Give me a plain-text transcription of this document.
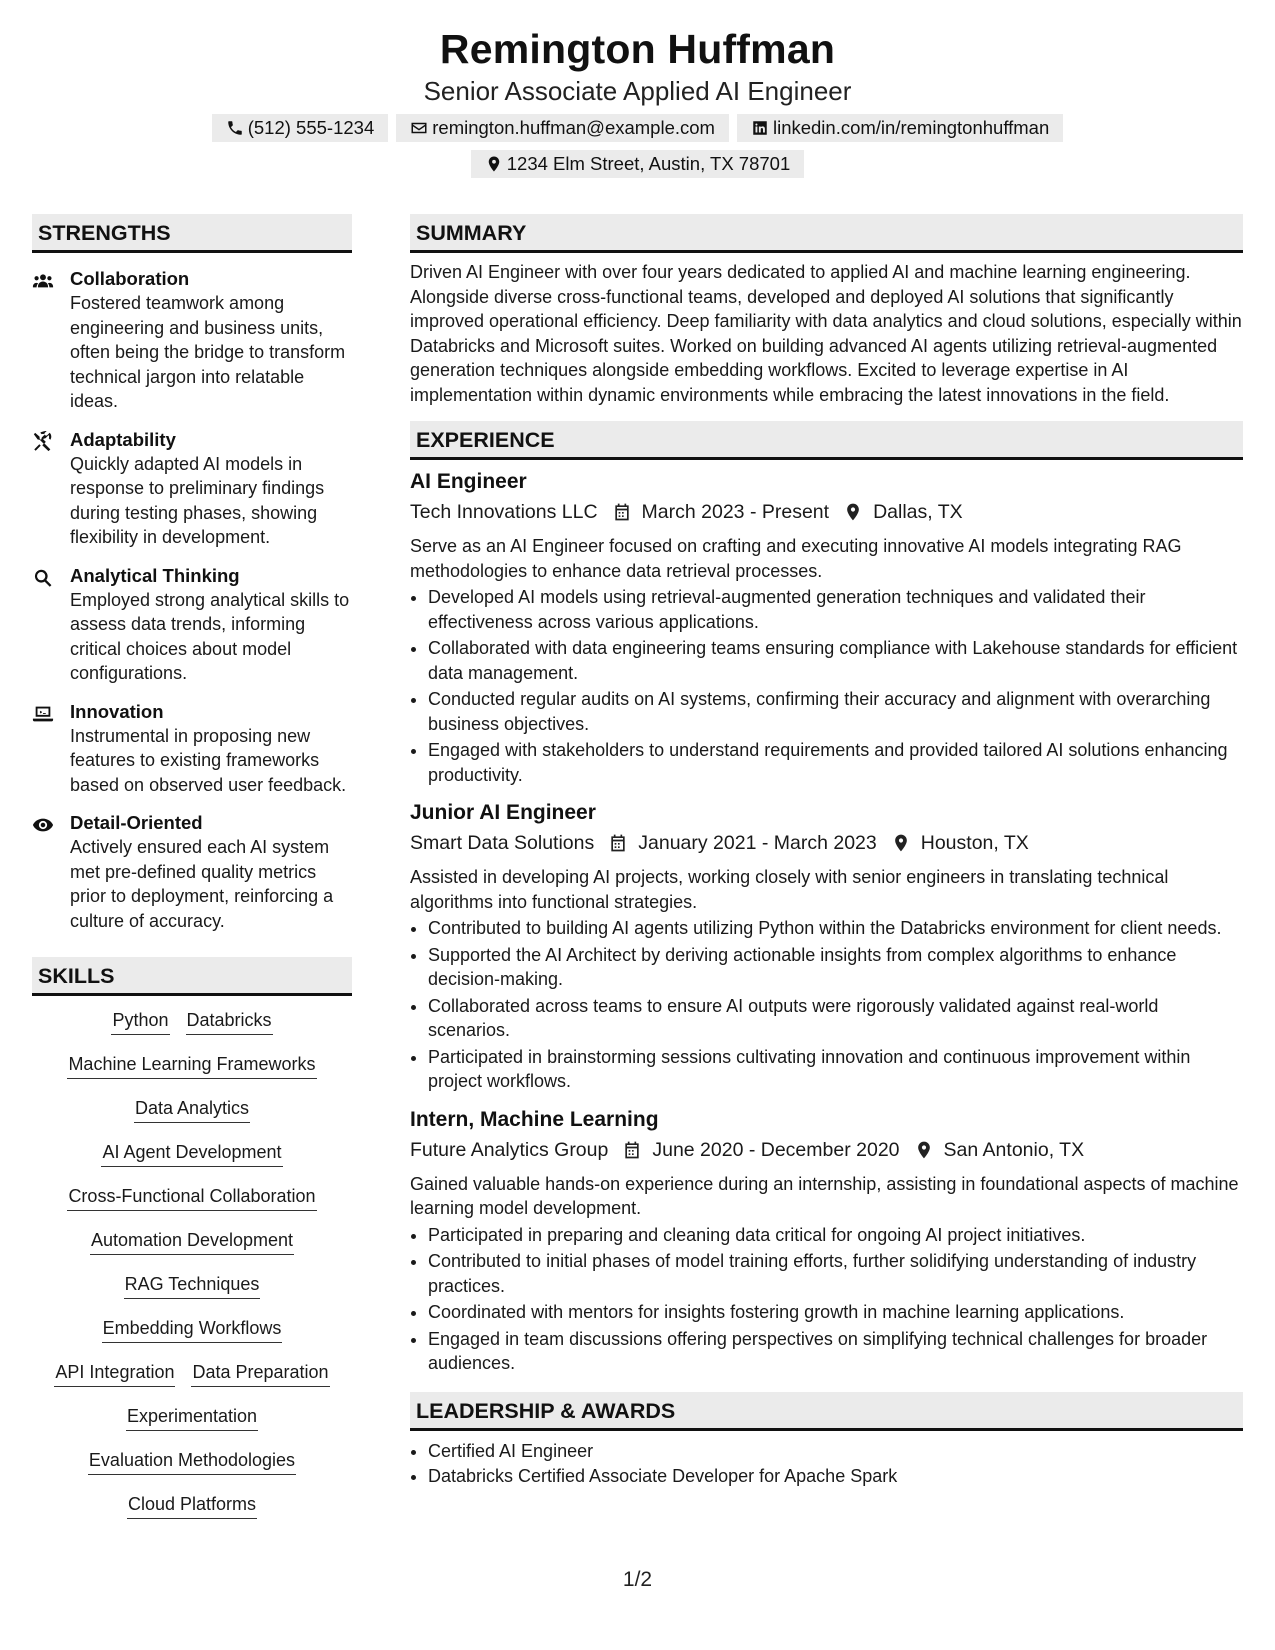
Remington Huffman
Senior Associate Applied AI Engineer
(512) 555-1234	remington.huffman@example.com	linkedin.com/in/remingtonhuffman
1234 Elm Street, Austin, TX 78701
STRENGTHS
Collaboration
Fostered teamwork among engineering and business units, often being the bridge to transform technical jargon into relatable ideas.
Adaptability
Quickly adapted AI models in response to preliminary findings during testing phases, showing flexibility in development.
Analytical Thinking
Employed strong analytical skills to assess data trends, informing critical choices about model configurations.
Innovation
Instrumental in proposing new features to existing frameworks based on observed user feedback.
Detail-Oriented
Actively ensured each AI system met pre-defined quality metrics prior to deployment, reinforcing a culture of accuracy.
SKILLS
Python Databricks
Machine Learning Frameworks
Data Analytics
AI Agent Development
Cross-Functional Collaboration
Automation Development
RAG Techniques
Embedding Workflows
API Integration Data Preparation
Experimentation
Evaluation Methodologies
Cloud Platforms
SUMMARY
Driven AI Engineer with over four years dedicated to applied AI and machine learning engineering. Alongside diverse cross-functional teams, developed and deployed AI solutions that significantly improved operational efficiency. Deep familiarity with data analytics and cloud solutions, especially within Databricks and Microsoft suites. Worked on building advanced AI agents utilizing retrieval-augmented generation techniques alongside embedding workflows. Excited to leverage expertise in AI implementation within dynamic environments while embracing the latest innovations in the field.
EXPERIENCE
AI Engineer
Tech Innovations LLC March 2023 - Present Dallas, TX
Serve as an AI Engineer focused on crafting and executing innovative AI models integrating RAG methodologies to enhance data retrieval processes.
• Developed AI models using retrieval-augmented generation techniques and validated their effectiveness across various applications.
• Collaborated with data engineering teams ensuring compliance with Lakehouse standards for efficient data management.
• Conducted regular audits on AI systems, confirming their accuracy and alignment with overarching business objectives.
• Engaged with stakeholders to understand requirements and provided tailored AI solutions enhancing productivity.
Junior AI Engineer
Smart Data Solutions January 2021 - March 2023 Houston, TX
Assisted in developing AI projects, working closely with senior engineers in translating technical algorithms into functional strategies.
• Contributed to building AI agents utilizing Python within the Databricks environment for client needs.
• Supported the AI Architect by deriving actionable insights from complex algorithms to enhance decision-making.
• Collaborated across teams to ensure AI outputs were rigorously validated against real-world scenarios.
• Participated in brainstorming sessions cultivating innovation and continuous improvement within project workflows.
Intern, Machine Learning
Future Analytics Group June 2020 - December 2020 San Antonio, TX
Gained valuable hands-on experience during an internship, assisting in foundational aspects of machine learning model development.
• Participated in preparing and cleaning data critical for ongoing AI project initiatives.
• Contributed to initial phases of model training efforts, further solidifying understanding of industry practices.
• Coordinated with mentors for insights fostering growth in machine learning applications.
• Engaged in team discussions offering perspectives on simplifying technical challenges for broader audiences.
LEADERSHIP & AWARDS
• Certified AI Engineer
• Databricks Certified Associate Developer for Apache Spark
1/2
